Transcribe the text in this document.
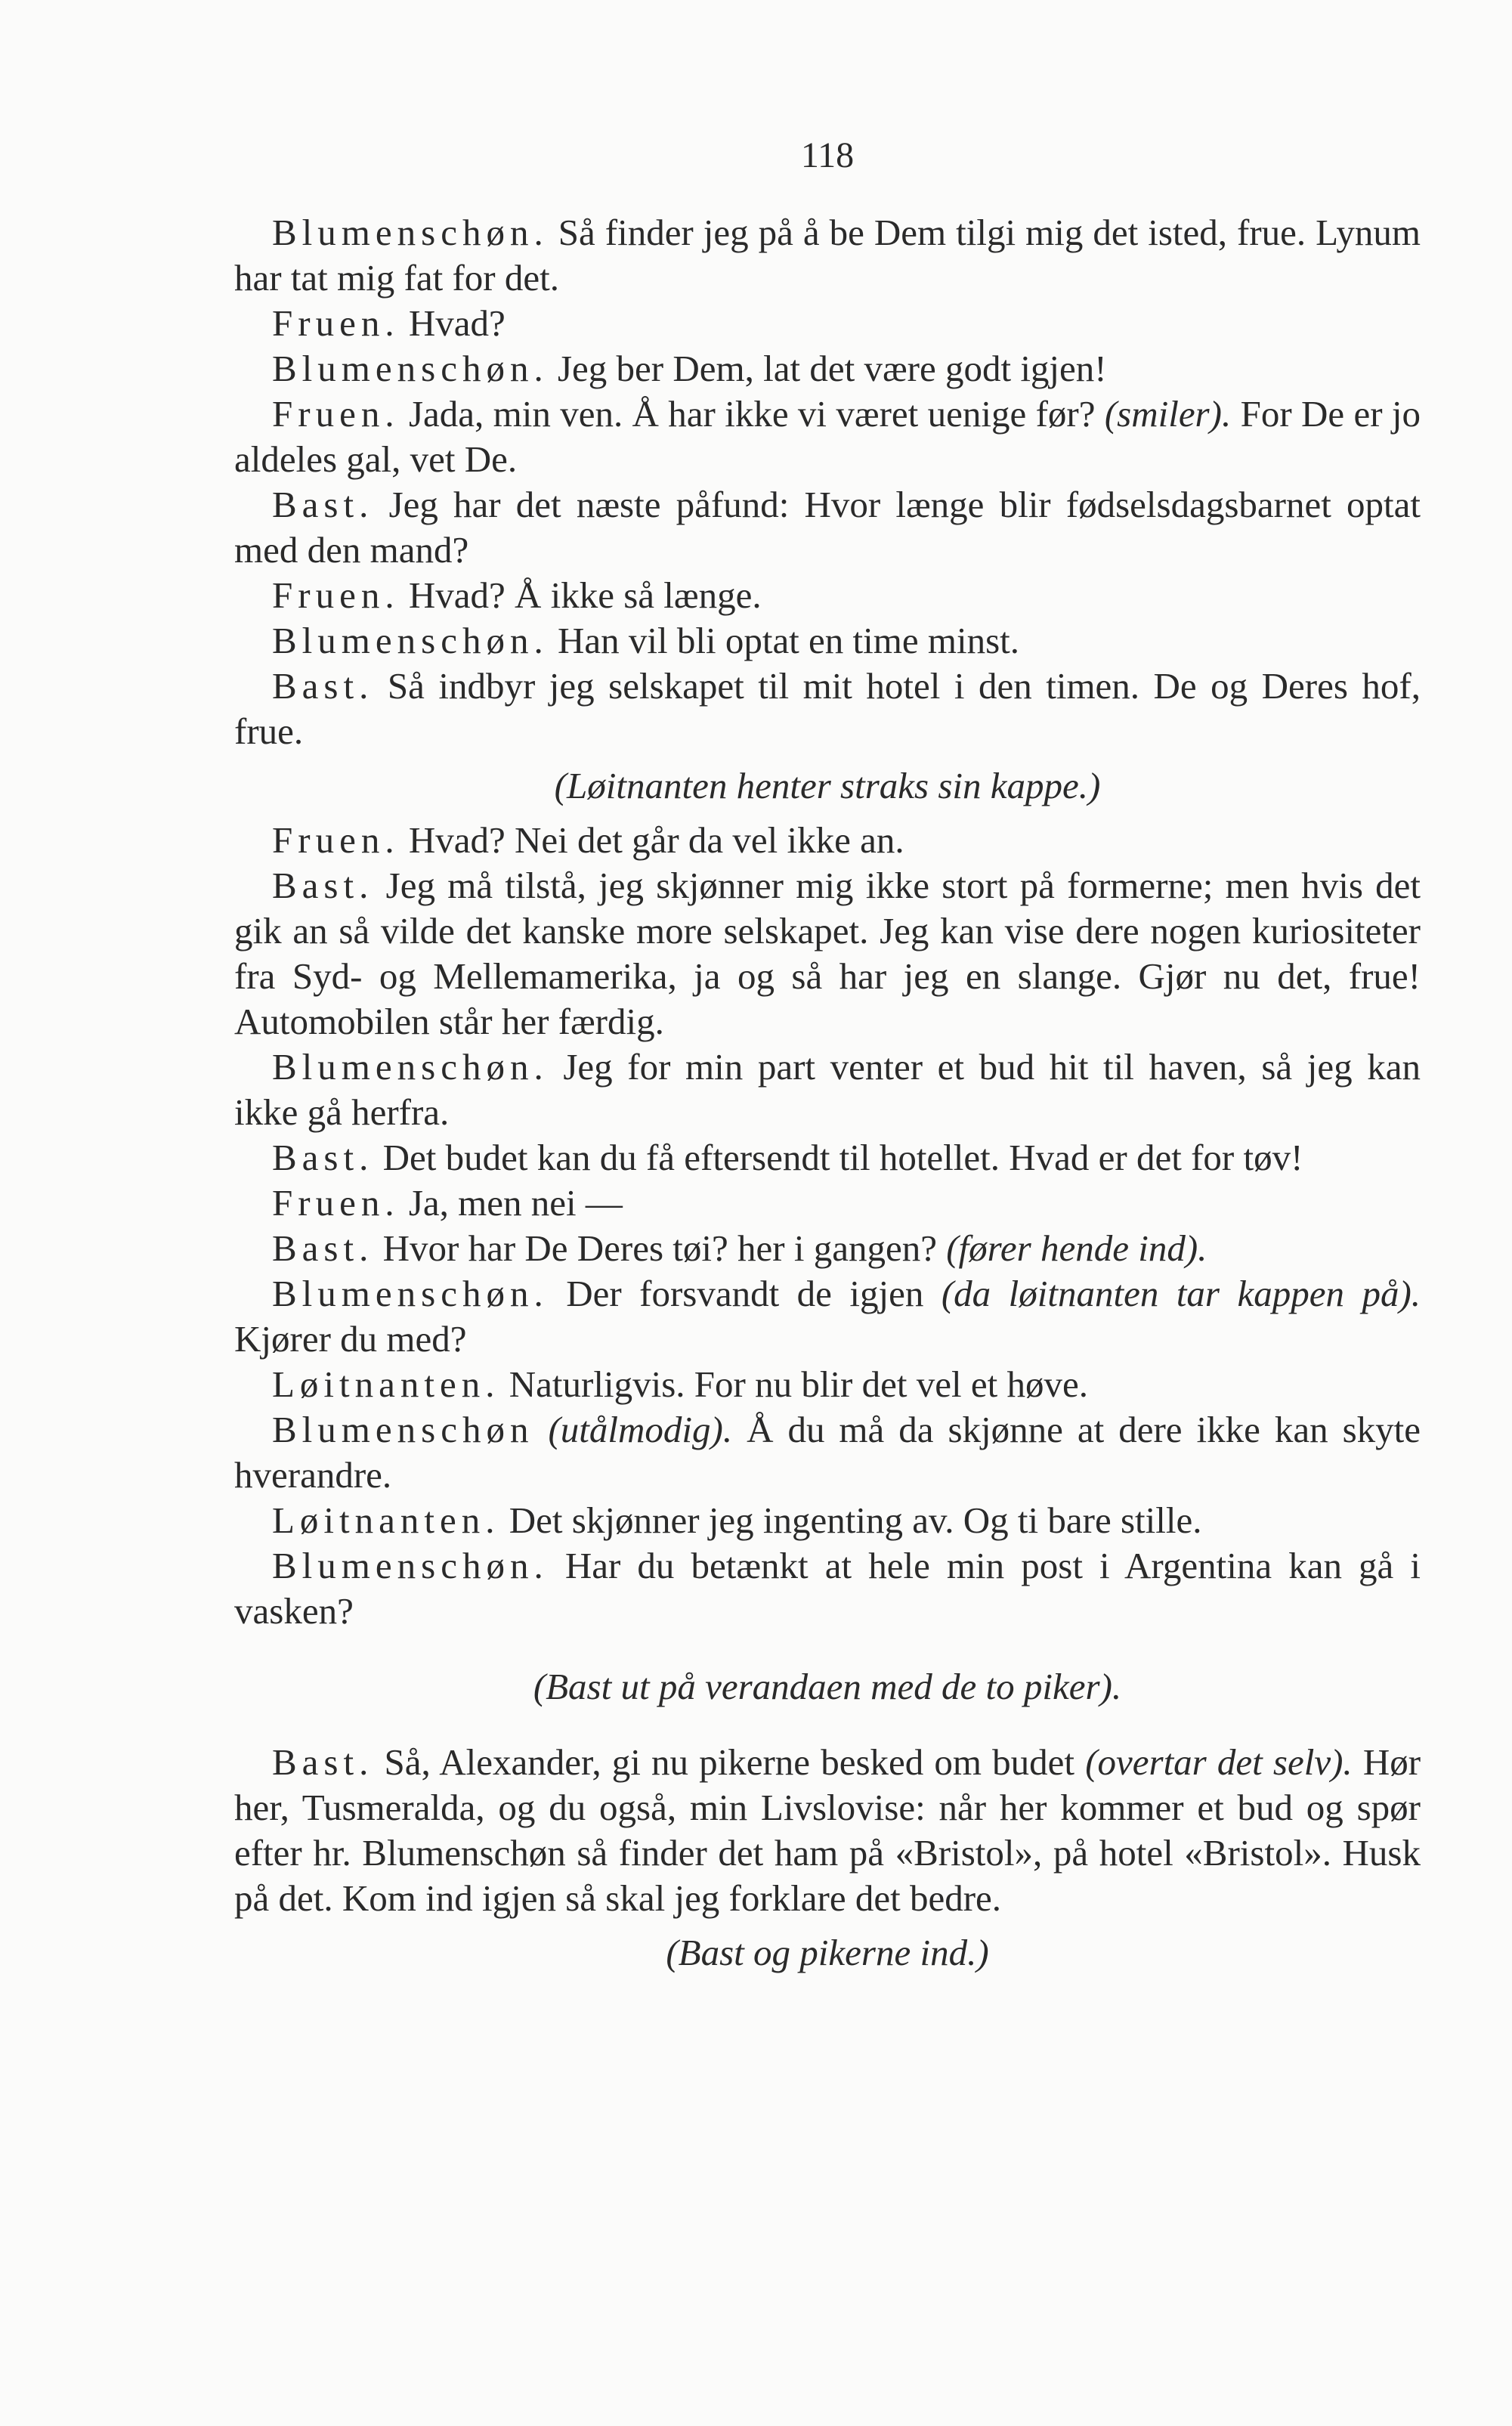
118

Blumenschøn. Så finder jeg på å be Dem tilgi mig det isted, frue. Lynum har tat mig fat for det.

Fruen. Hvad?

Blumenschøn. Jeg ber Dem, lat det være godt igjen!

Fruen. Jada, min ven. Å har ikke vi været uenige før? (smiler). For De er jo aldeles gal, vet De.

Bast. Jeg har det næste påfund: Hvor længe blir fødselsdagsbarnet optat med den mand?

Fruen. Hvad? Å ikke så længe.

Blumenschøn. Han vil bli optat en time minst.

Bast. Så indbyr jeg selskapet til mit hotel i den timen. De og Deres hof, frue.

(Løitnanten henter straks sin kappe.)

Fruen. Hvad? Nei det går da vel ikke an.

Bast. Jeg må tilstå, jeg skjønner mig ikke stort på formerne; men hvis det gik an så vilde det kanske more selskapet. Jeg kan vise dere nogen kuriositeter fra Syd- og Mellemamerika, ja og så har jeg en slange. Gjør nu det, frue! Automobilen står her færdig.

Blumenschøn. Jeg for min part venter et bud hit til haven, så jeg kan ikke gå herfra.

Bast. Det budet kan du få eftersendt til hotellet. Hvad er det for tøv!

Fruen. Ja, men nei —

Bast. Hvor har De Deres tøi? her i gangen? (fører hende ind).

Blumenschøn. Der forsvandt de igjen (da løitnanten tar kappen på). Kjører du med?

Løitnanten. Naturligvis. For nu blir det vel et høve.

Blumenschøn (utålmodig). Å du må da skjønne at dere ikke kan skyte hverandre.

Løitnanten. Det skjønner jeg ingenting av. Og ti bare stille.

Blumenschøn. Har du betænkt at hele min post i Argentina kan gå i vasken?

(Bast ut på verandaen med de to piker).

Bast. Så, Alexander, gi nu pikerne besked om budet (overtar det selv). Hør her, Tusmeralda, og du også, min Livslovise: når her kommer et bud og spør efter hr. Blumenschøn så finder det ham på «Bristol», på hotel «Bristol». Husk på det. Kom ind igjen så skal jeg forklare det bedre.

(Bast og pikerne ind.)
